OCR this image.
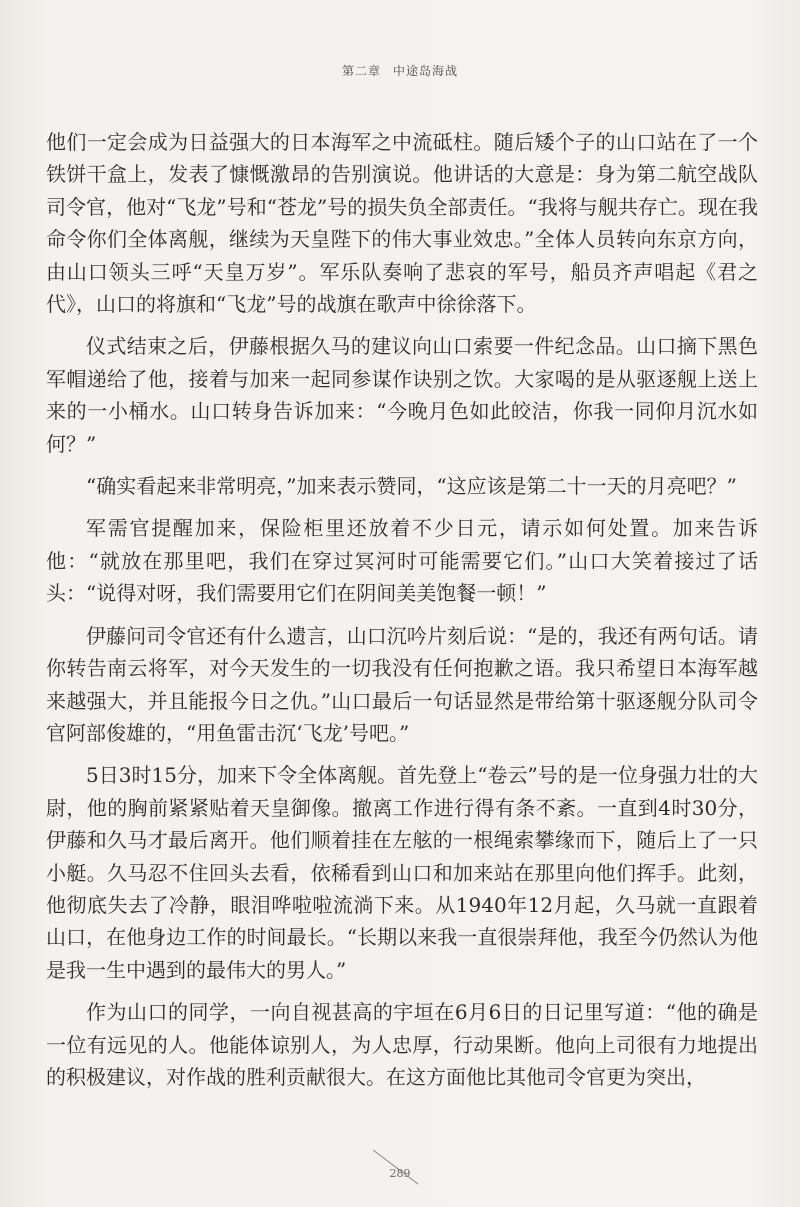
第二章 中途岛海战

他们一定会成为日益强大的日本海军之中流砥柱。随后矮个子的山口站在了一个铁饼干盒上，发表了慷慨激昂的告别演说。他讲话的大意是：身为第二航空战队司令官，他对“飞龙”号和“苍龙”号的损失负全部责任。“我将与舰共存亡。现在我命令你们全体离舰，继续为天皇陛下的伟大事业效忠。”全体人员转向东京方向，由山口领头三呼“天皇万岁”。军乐队奏响了悲哀的军号，船员齐声唱起《君之代》，山口的将旗和“飞龙”号的战旗在歌声中徐徐落下。

仪式结束之后，伊藤根据久马的建议向山口索要一件纪念品。山口摘下黑色军帽递给了他，接着与加来一起同参谋作诀别之饮。大家喝的是从驱逐舰上送上来的一小桶水。山口转身告诉加来：“今晚月色如此皎洁，你我一同仰月沉水如何？”

“确实看起来非常明亮，”加来表示赞同，“这应该是第二十一天的月亮吧？”

军需官提醒加来，保险柜里还放着不少日元，请示如何处置。加来告诉他：“就放在那里吧，我们在穿过冥河时可能需要它们。”山口大笑着接过了话头：“说得对呀，我们需要用它们在阴间美美饱餐一顿！”

伊藤问司令官还有什么遗言，山口沉吟片刻后说：“是的，我还有两句话。请你转告南云将军，对今天发生的一切我没有任何抱歉之语。我只希望日本海军越来越强大，并且能报今日之仇。”山口最后一句话显然是带给第十驱逐舰分队司令官阿部俊雄的，“用鱼雷击沉‘飞龙’号吧。”

5日3时15分，加来下令全体离舰。首先登上“卷云”号的是一位身强力壮的大尉，他的胸前紧紧贴着天皇御像。撤离工作进行得有条不紊。一直到4时30分，伊藤和久马才最后离开。他们顺着挂在左舷的一根绳索攀缘而下，随后上了一只小艇。久马忍不住回头去看，依稀看到山口和加来站在那里向他们挥手。此刻，他彻底失去了冷静，眼泪哗啦啦流淌下来。从1940年12月起，久马就一直跟着山口，在他身边工作的时间最长。“长期以来我一直很崇拜他，我至今仍然认为他是我一生中遇到的最伟大的男人。”

作为山口的同学，一向自视甚高的宇垣在6月6日的日记里写道：“他的确是一位有远见的人。他能体谅别人，为人忠厚，行动果断。他向上司很有力地提出的积极建议，对作战的胜利贡献很大。在这方面他比其他司令官更为突出，

289
